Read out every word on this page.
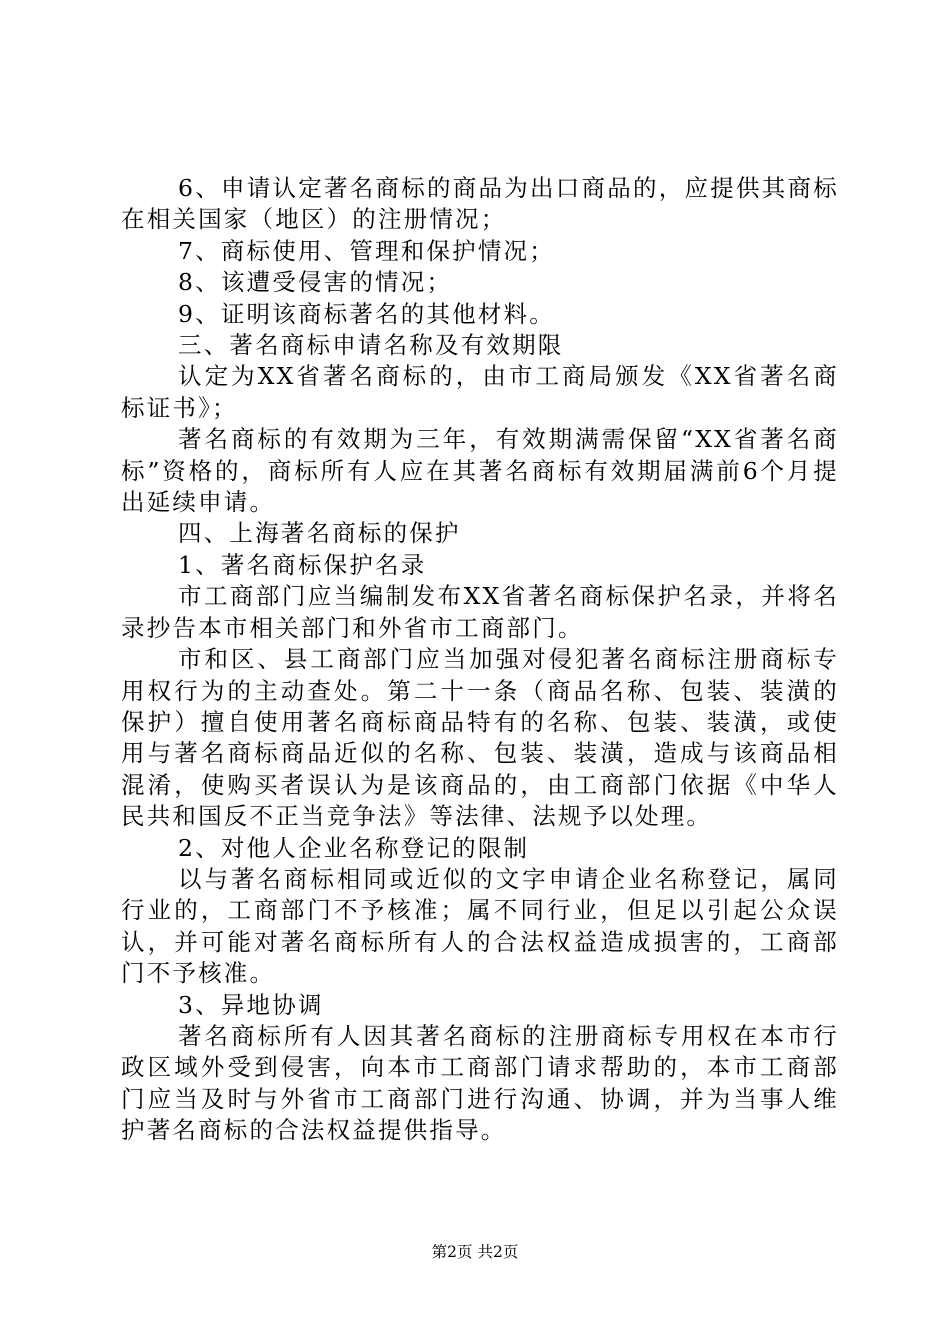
6、申请认定著名商标的商品为出口商品的，应提供其商标在相关国家（地区）的注册情况；

7、商标使用、管理和保护情况；

8、该遭受侵害的情况；

9、证明该商标著名的其他材料。

三、著名商标申请名称及有效期限

认定为XX省著名商标的，由市工商局颁发《XX省著名商标证书》；

著名商标的有效期为三年，有效期满需保留“XX省著名商标”资格的，商标所有人应在其著名商标有效期届满前6个月提出延续申请。

四、上海著名商标的保护

1、著名商标保护名录

市工商部门应当编制发布XX省著名商标保护名录，并将名录抄告本市相关部门和外省市工商部门。

市和区、县工商部门应当加强对侵犯著名商标注册商标专用权行为的主动查处。第二十一条（商品名称、包装、装潢的保护）擅自使用著名商标商品特有的名称、包装、装潢，或使用与著名商标商品近似的名称、包装、装潢，造成与该商品相混淆，使购买者误认为是该商品的，由工商部门依据《中华人民共和国反不正当竞争法》等法律、法规予以处理。

2、对他人企业名称登记的限制

以与著名商标相同或近似的文字申请企业名称登记，属同行业的，工商部门不予核准；属不同行业，但足以引起公众误认，并可能对著名商标所有人的合法权益造成损害的，工商部门不予核准。

3、异地协调

著名商标所有人因其著名商标的注册商标专用权在本市行政区域外受到侵害，向本市工商部门请求帮助的，本市工商部门应当及时与外省市工商部门进行沟通、协调，并为当事人维护著名商标的合法权益提供指导。

第2页 共2页
